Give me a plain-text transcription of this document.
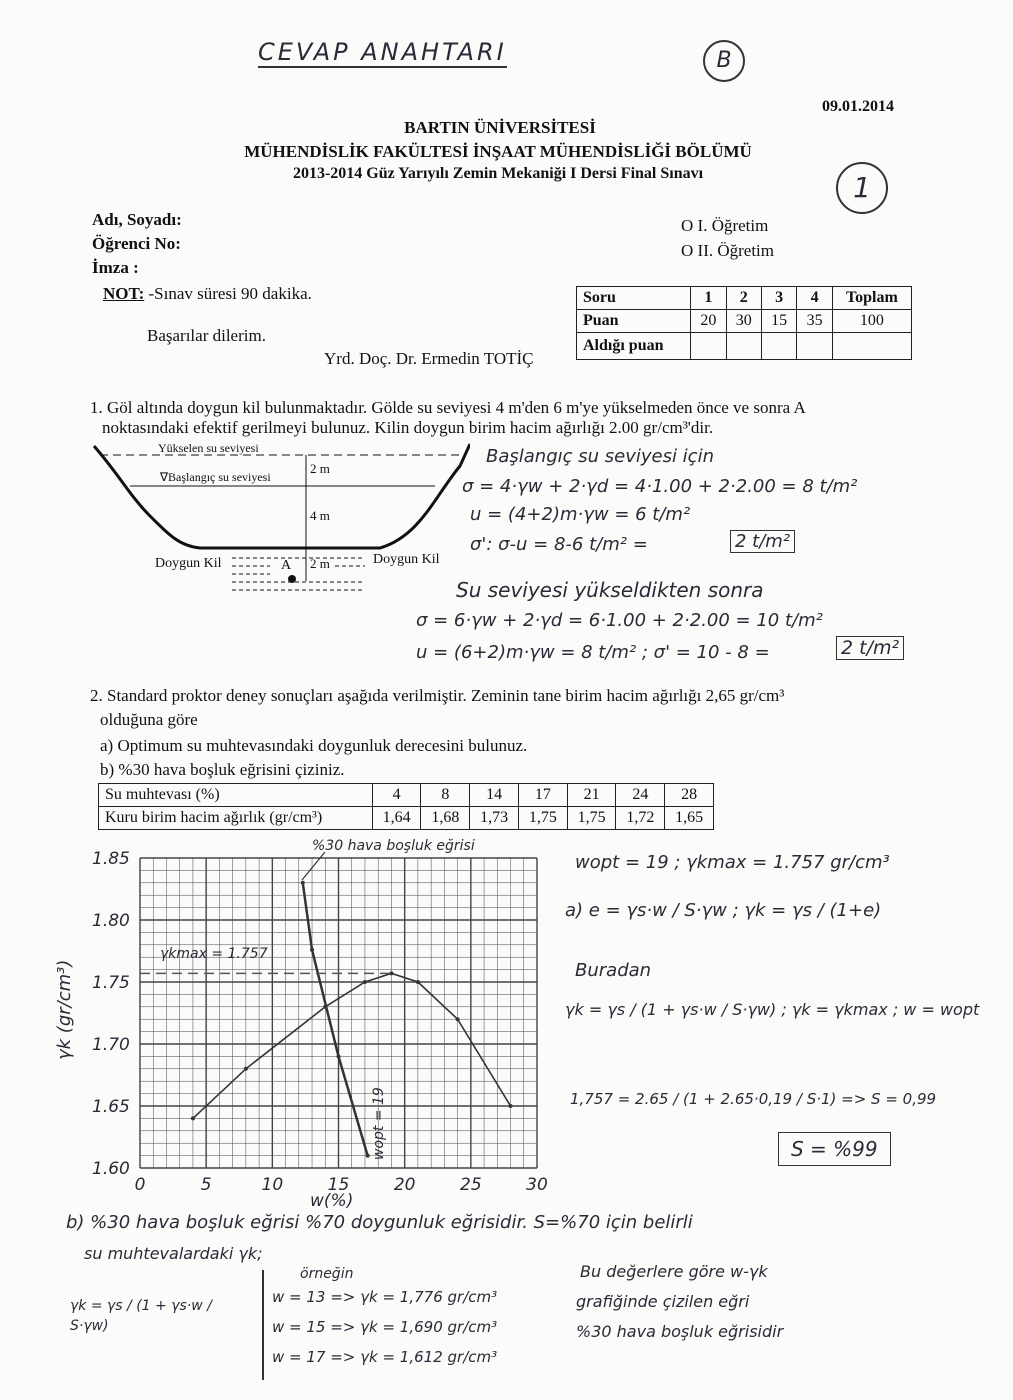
CEVAP ANAHTARI	B
09.01.2014
BARTIN ÜNİVERSİTESİ
MÜHENDİSLİK FAKÜLTESİ İNŞAAT MÜHENDİSLİĞİ BÖLÜMÜ
2013-2014 Güz Yarıyılı Zemin Mekaniği I Dersi Final Sınavı	1
Adı, Soyadı:
Öğrenci No:
İmza :
NOT: -Sınav süresi 90 dakika.
Başarılar dilerim.
Yrd. Doç. Dr. Ermedin TOTİÇ
O I. Öğretim
O II. Öğretim
Soru	1	2	3	4	Toplam
Puan	20	30	15	35	100
Aldığı puan					
1. Göl altında doygun kil bulunmaktadır. Gölde su seviyesi 4 m'den 6 m'ye yükselmeden önce ve sonra A
noktasındaki efektif gerilmeyi bulunuz. Kilin doygun birim hacim ağırlığı 2.00 gr/cm³'dir.
Yükselen su seviyesi
∇Başlangıç su seviyesi
2 m
4 m
2 m
Doygun Kil	Doygun Kil
A
Başlangıç su seviyesi için
σ = 4·γw + 2·γd = 4·1.00 + 2·2.00 = 8 t/m²
u = (4+2)m·γw = 6 t/m²
σ': σ-u = 8-6 t/m² =	2 t/m²
Su seviyesi yükseldikten sonra
σ = 6·γw + 2·γd = 6·1.00 + 2·2.00 = 10 t/m²
u = (6+2)m·γw = 8 t/m² ; σ' = 10 - 8 =	2 t/m²
2. Standard proktor deney sonuçları aşağıda verilmiştir. Zeminin tane birim hacim ağırlığı 2,65 gr/cm³
olduğuna göre
a) Optimum su muhtevasındaki doygunluk derecesini bulunuz.
b) %30 hava boşluk eğrisini çiziniz.
Su muhtevası (%)	4	8	14	17	21	24	28
Kuru birim hacim ağırlık (gr/cm³)	1,64	1,68	1,73	1,75	1,75	1,72	1,65
0	5	10	15	20	25	30
1.85
1.80
1.75
1.70
1.65
1.60
w(%)
γk (gr/cm³)
γkmax = 1.757
wopt = 19
%30 hava boşluk eğrisi
wopt = 19 ; γkmax = 1.757 gr/cm³
a) e = γs·w / S·γw ; γk = γs / (1+e)
Buradan
γk = γs / (1 + γs·w / S·γw) ; γk = γkmax ; w = wopt
1,757 = 2.65 / (1 + 2.65·0,19 / S·1) => S = 0,99
S = %99
b) %30 hava boşluk eğrisi %70 doygunluk eğrisidir. S=%70 için belirli
su muhtevalardaki γk;
γk = γs / (1 + γs·w / S·γw)
örneğin
w = 13 => γk = 1,776 gr/cm³
w = 15 => γk = 1,690 gr/cm³
w = 17 => γk = 1,612 gr/cm³
Bu değerlere göre w-γk
grafiğinde çizilen eğri
%30 hava boşluk eğrisidir
